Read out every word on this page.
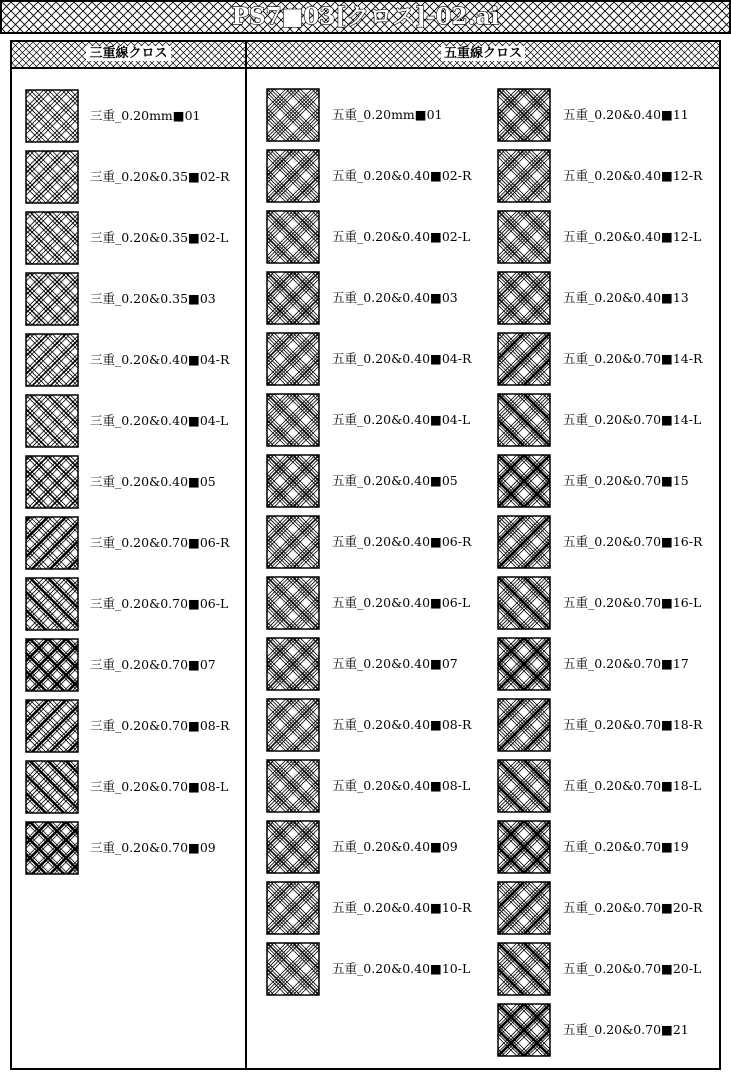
PS7■03[クロス]-02.ai
三重線クロス	五重線クロス
三重_0.20mm■01
三重_0.20&0.35■02-R
三重_0.20&0.35■02-L
三重_0.20&0.35■03
三重_0.20&0.40■04-R
三重_0.20&0.40■04-L
三重_0.20&0.40■05
三重_0.20&0.70■06-R
三重_0.20&0.70■06-L
三重_0.20&0.70■07
三重_0.20&0.70■08-R
三重_0.20&0.70■08-L
三重_0.20&0.70■09
五重_0.20mm■01
五重_0.20&0.40■02-R
五重_0.20&0.40■02-L
五重_0.20&0.40■03
五重_0.20&0.40■04-R
五重_0.20&0.40■04-L
五重_0.20&0.40■05
五重_0.20&0.40■06-R
五重_0.20&0.40■06-L
五重_0.20&0.40■07
五重_0.20&0.40■08-R
五重_0.20&0.40■08-L
五重_0.20&0.40■09
五重_0.20&0.40■10-R
五重_0.20&0.40■10-L
五重_0.20&0.40■11
五重_0.20&0.40■12-R
五重_0.20&0.40■12-L
五重_0.20&0.40■13
五重_0.20&0.70■14-R
五重_0.20&0.70■14-L
五重_0.20&0.70■15
五重_0.20&0.70■16-R
五重_0.20&0.70■16-L
五重_0.20&0.70■17
五重_0.20&0.70■18-R
五重_0.20&0.70■18-L
五重_0.20&0.70■19
五重_0.20&0.70■20-R
五重_0.20&0.70■20-L
五重_0.20&0.70■21
